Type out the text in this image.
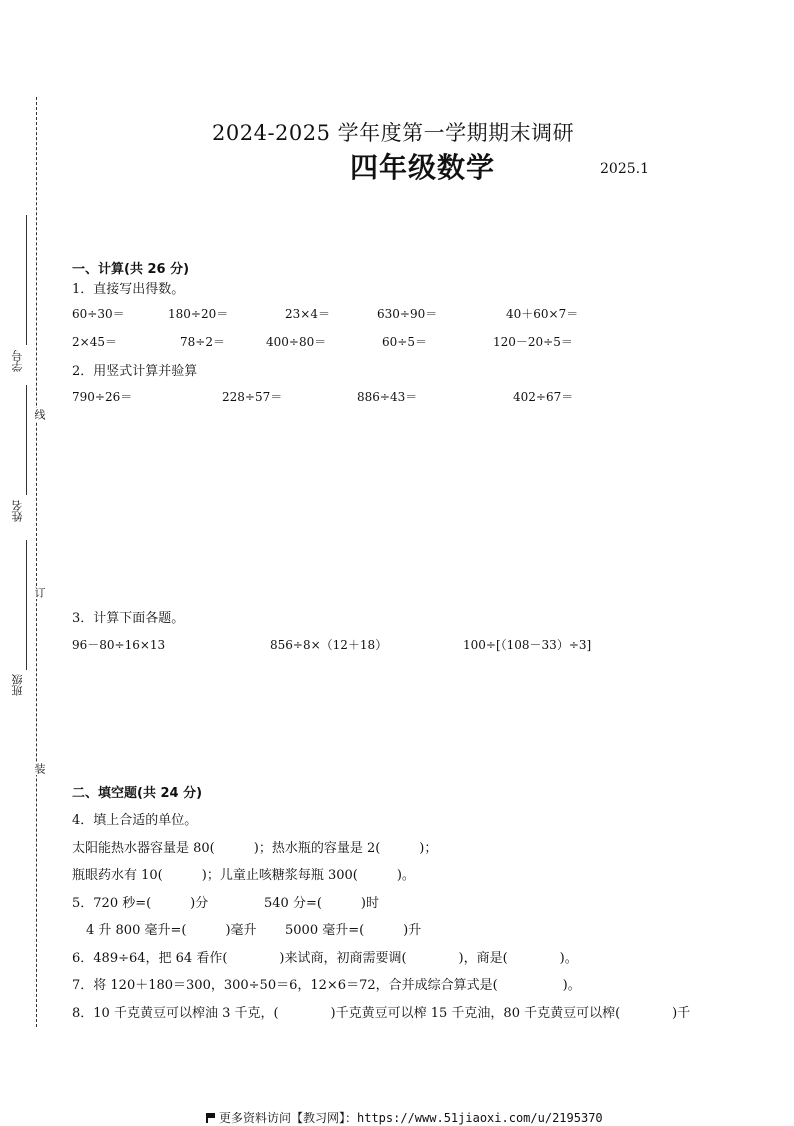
学号
姓名
班级
线
订
装
2024-2025 学年度第一学期期末调研
四年级数学	2025.1
一、计算(共 26 分)
1．直接写出得数。
60÷30＝	180÷20＝	23×4＝	630÷90＝	40＋60×7＝
2×45＝	78÷2＝	400÷80＝	60÷5＝	120－20÷5＝
2．用竖式计算并验算
790÷26＝	228÷57＝	886÷43＝	402÷67＝
3．计算下面各题。
96－80÷16×13	856÷8×（12＋18）	100÷[（108－33）÷3]
二、填空题(共 24 分)
4．填上合适的单位。
太阳能热水器容量是 80(　　　)；热水瓶的容量是 2(　　　)；
瓶眼药水有 10(　　　)；儿童止咳糖浆每瓶 300(　　　)。
5．720 秒=(　　　)分	540 分=(　　　)时
4 升 800 毫升=(　　　)毫升 5000 毫升=(　　　)升
6．489÷64，把 64 看作(　　　　)来试商，初商需要调(　　　　)，商是(　　　　)。
7．将 120＋180＝300，300÷50＝6，12×6＝72，合并成综合算式是(　　　　　)。
8．10 千克黄豆可以榨油 3 千克，(　　　　)千克黄豆可以榨 15 千克油，80 千克黄豆可以榨(　　　　)千
更多资料访问【教习网】：https://www.51jiaoxi.com/u/2195370
